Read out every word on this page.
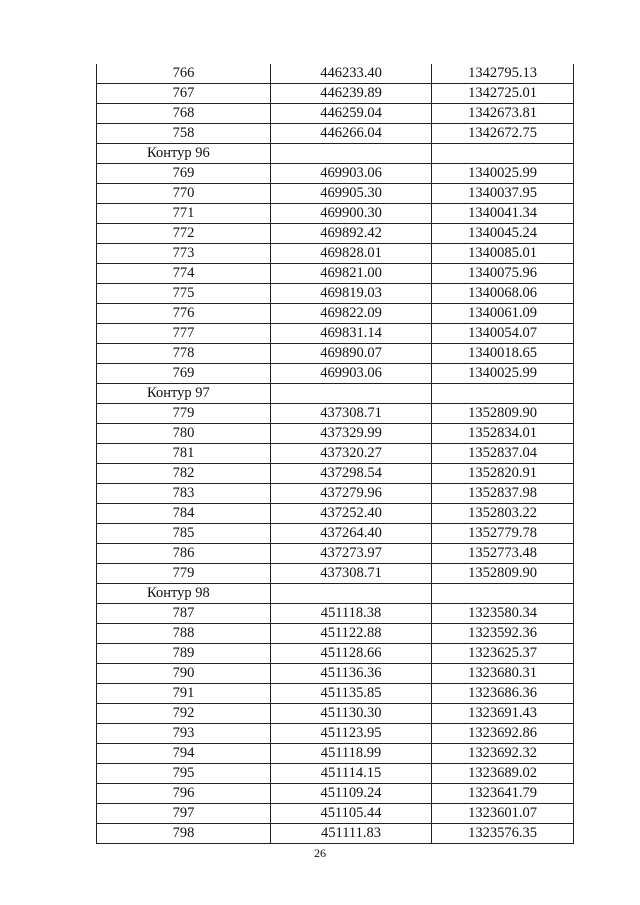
766	446233.40	1342795.13
767	446239.89	1342725.01
768	446259.04	1342673.81
758	446266.04	1342672.75
Контур 96		
769	469903.06	1340025.99
770	469905.30	1340037.95
771	469900.30	1340041.34
772	469892.42	1340045.24
773	469828.01	1340085.01
774	469821.00	1340075.96
775	469819.03	1340068.06
776	469822.09	1340061.09
777	469831.14	1340054.07
778	469890.07	1340018.65
769	469903.06	1340025.99
Контур 97		
779	437308.71	1352809.90
780	437329.99	1352834.01
781	437320.27	1352837.04
782	437298.54	1352820.91
783	437279.96	1352837.98
784	437252.40	1352803.22
785	437264.40	1352779.78
786	437273.97	1352773.48
779	437308.71	1352809.90
Контур 98		
787	451118.38	1323580.34
788	451122.88	1323592.36
789	451128.66	1323625.37
790	451136.36	1323680.31
791	451135.85	1323686.36
792	451130.30	1323691.43
793	451123.95	1323692.86
794	451118.99	1323692.32
795	451114.15	1323689.02
796	451109.24	1323641.79
797	451105.44	1323601.07
798	451111.83	1323576.35
26
